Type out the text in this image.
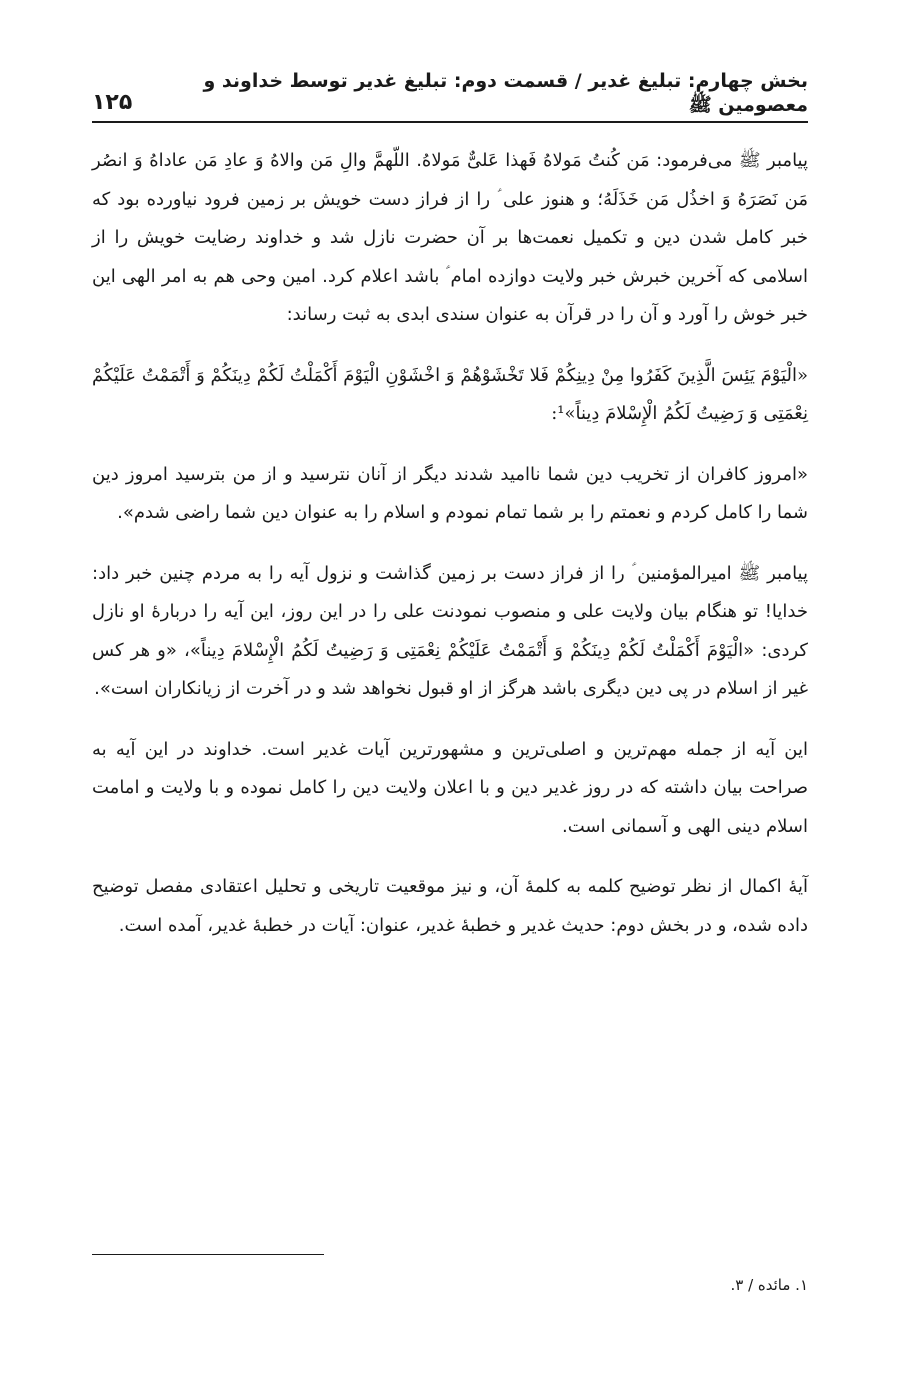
بخش چهارم: تبلیغ غدیر / قسمت دوم: تبلیغ غدیر توسط خداوند و معصومین ﷺ
۱۲۵

پیامبر ﷺ می‌فرمود: مَن کُنتُ مَولاهُ فَهذا عَلیٌّ مَولاهُ. اللّهمَّ والِ مَن والاهُ وَ عادِ مَن عاداهُ وَ انصُر مَن نَصَرَهُ وَ اخذُل مَن خَذَلَهُ؛ و هنوز علی ؑ را از فراز دست خویش بر زمین فرود نیاورده بود که خبر کامل شدن دین و تکمیل نعمت‌ها بر آن حضرت نازل شد و خداوند رضایت خویش را از اسلامی که آخرین خبرش خبر ولایت دوازده امام ؑ باشد اعلام کرد. امین وحی هم به امر الهی این خبر خوش را آورد و آن را در قرآن به عنوان سندی ابدی به ثبت رساند:

«الْیَوْمَ یَئِسَ الَّذِینَ کَفَرُوا مِنْ دِینِکُمْ فَلا تَخْشَوْهُمْ وَ اخْشَوْنِ الْیَوْمَ أَکْمَلْتُ لَکُمْ دِینَکُمْ وَ أَتْمَمْتُ عَلَیْکُمْ نِعْمَتِی وَ رَضِیتُ لَکُمُ الْإِسْلامَ دِیناً»¹:

«امروز کافران از تخریب دین شما ناامید شدند دیگر از آنان نترسید و از من بترسید امروز دین شما را کامل کردم و نعمتم را بر شما تمام نمودم و اسلام را به عنوان دین شما راضی شدم».

پیامبر ﷺ امیرالمؤمنین ؑ را از فراز دست بر زمین گذاشت و نزول آیه را به مردم چنین خبر داد: خدایا! تو هنگام بیان ولایت علی و منصوب نمودنت علی را در این روز، این آیه را دربارهٔ او نازل کردی: «الْیَوْمَ أَکْمَلْتُ لَکُمْ دِینَکُمْ وَ أَتْمَمْتُ عَلَیْکُمْ نِعْمَتِی وَ رَضِیتُ لَکُمُ الْإِسْلامَ دِیناً»، «و هر کس غیر از اسلام در پی دین دیگری باشد هرگز از او قبول نخواهد شد و در آخرت از زیانکاران است».

این آیه از جمله مهم‌ترین و اصلی‌ترین و مشهورترین آیات غدیر است. خداوند در این آیه به صراحت بیان داشته که در روز غدیر دین و با اعلان ولایت دین را کامل نموده و با ولایت و امامت اسلام دینی الهی و آسمانی است.

آیهٔ اکمال از نظر توضیح کلمه به کلمهٔ آن، و نیز موقعیت تاریخی و تحلیل اعتقادی مفصل توضیح داده شده، و در بخش دوم: حدیث غدیر و خطبهٔ غدیر، عنوان: آیات در خطبهٔ غدیر، آمده است.

۱. مائده / ۳.
